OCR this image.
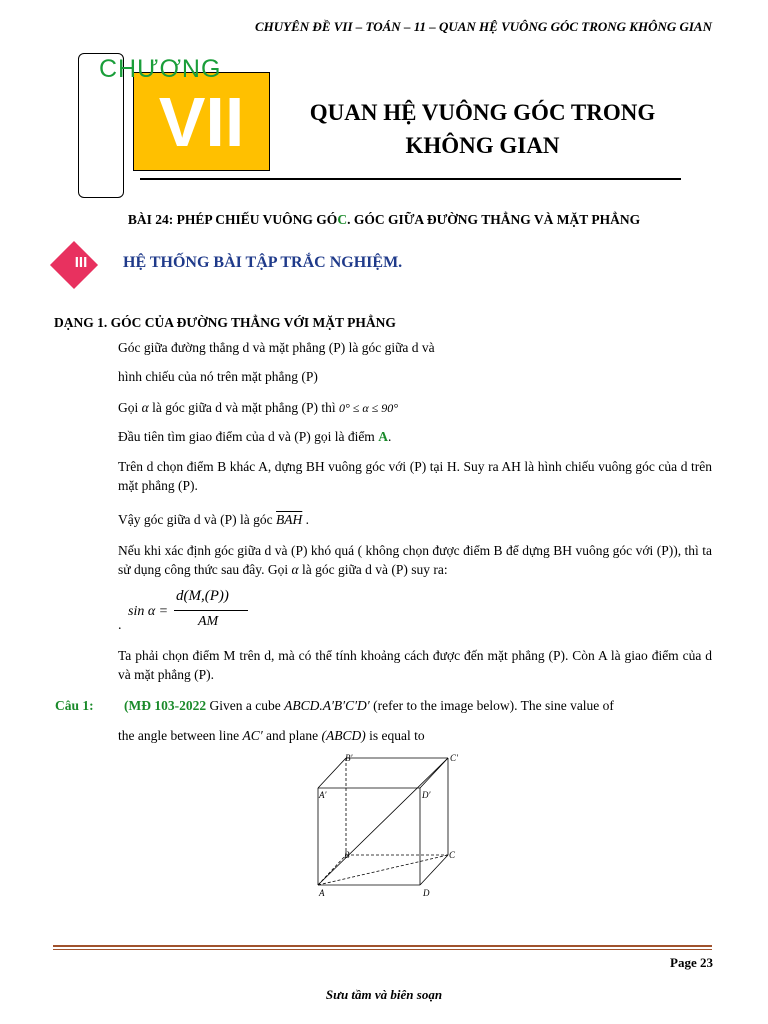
CHUYÊN ĐỀ VII – TOÁN – 11 – QUAN HỆ VUÔNG GÓC TRONG KHÔNG GIAN
VII
CHƯƠNG
QUAN HỆ VUÔNG GÓC TRONG
KHÔNG GIAN
BÀI 24: PHÉP CHIẾU VUÔNG GÓC. GÓC GIỮA ĐƯỜNG THẲNG VÀ MẶT PHẲNG
III	HỆ THỐNG BÀI TẬP TRẮC NGHIỆM.
DẠNG 1. GÓC CỦA ĐƯỜNG THẲNG VỚI MẶT PHẲNG

Góc giữa đường thẳng d và mặt phẳng (P) là góc giữa d và

hình chiếu của nó trên mặt phẳng (P)

Gọi α là góc giữa d và mặt phẳng (P) thì 0° ≤ α ≤ 90°

Đầu tiên tìm giao điểm của d và (P) gọi là điểm A.

Trên d chọn điểm B khác A, dựng BH vuông góc với (P) tại H. Suy ra AH là hình chiếu vuông góc của d trên mặt phẳng (P).

Vậy góc giữa d và (P) là góc $\overline{BAH}$ .

Nếu khi xác định góc giữa d và (P) khó quá ( không chọn được điểm B để dựng BH vuông góc với (P)), thì ta sử dụng công thức sau đây. Gọi α là góc giữa d và (P) suy ra:

sin α =
d(M,(P))
AM
.

Ta phải chọn điểm M trên d, mà có thể tính khoảng cách được đến mặt phẳng (P). Còn A là giao điểm của d và mặt phẳng (P).

Câu 1: (MĐ 103-2022 Given a cube ABCD.A′B′C′D′ (refer to the image below). The sine value of

the angle between line AC′ and plane (ABCD) is equal to

B′	C′
A′	D′
B	C
A	D
Page 23
Sưu tầm và biên soạn
